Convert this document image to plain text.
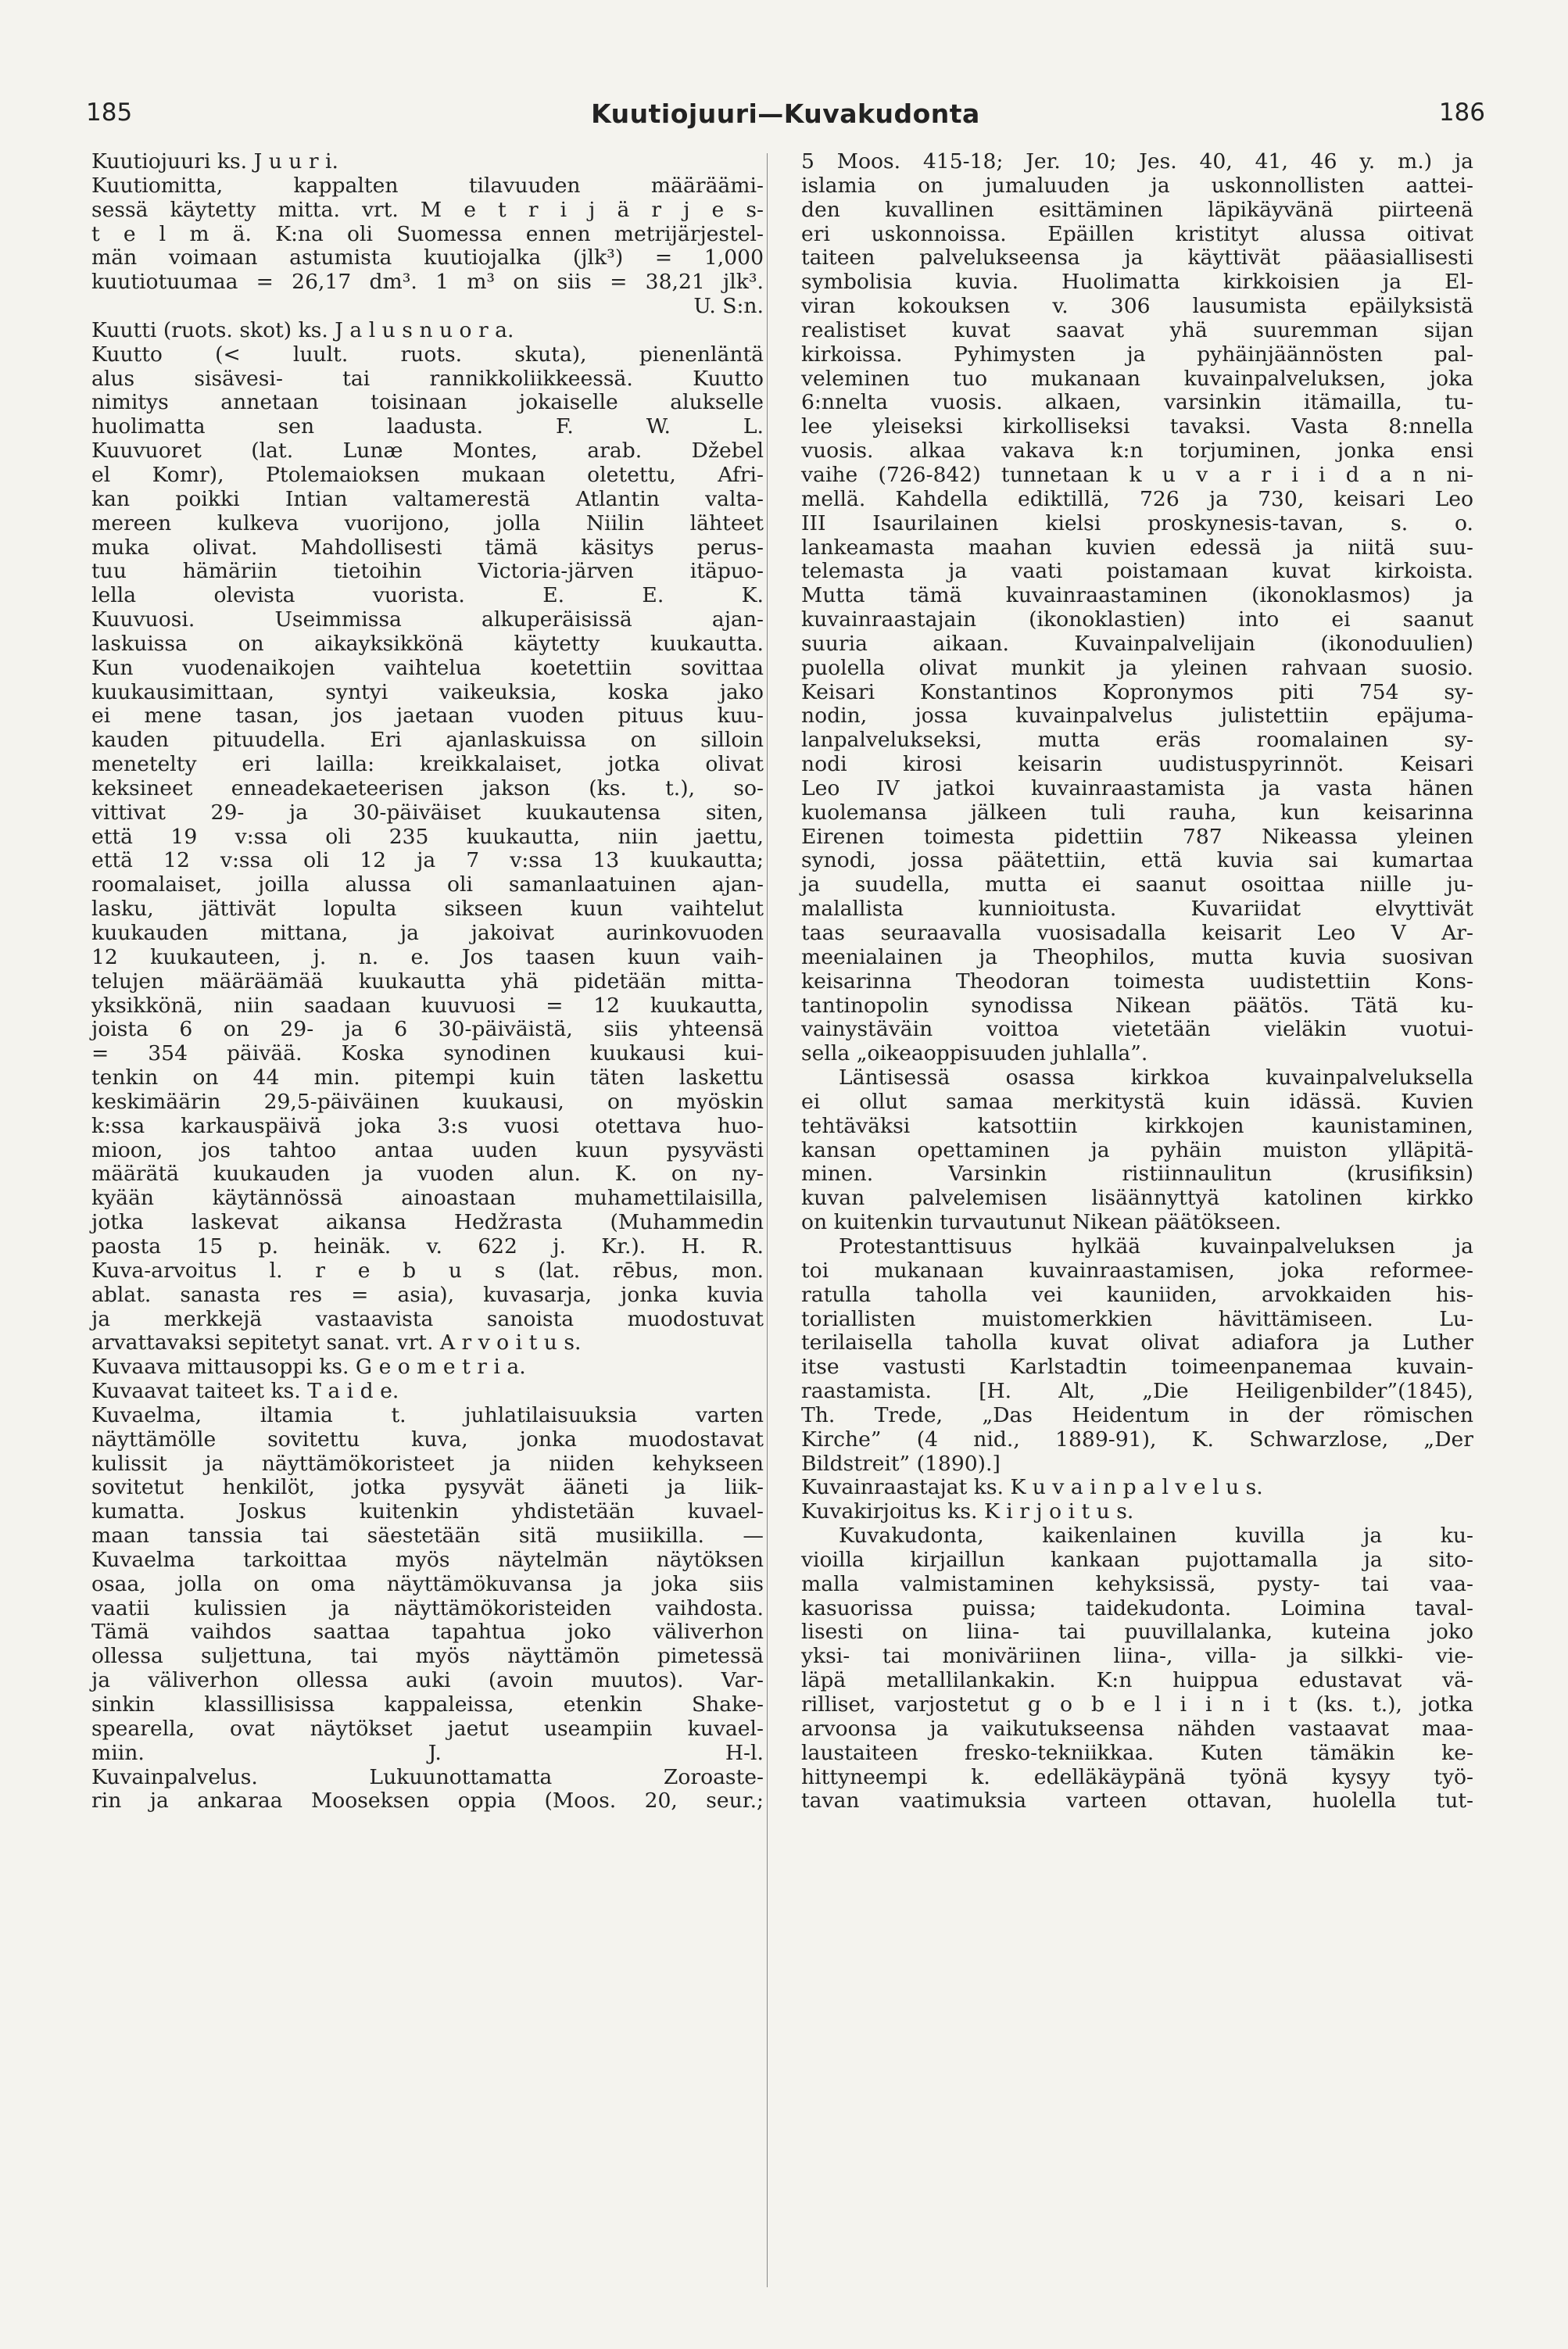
185	Kuutiojuuri—Kuvakudonta	186
Kuutiojuuri ks. J u u r i.
Kuutiomitta, kappalten tilavuuden määräämi-
sessä käytetty mitta. vrt. M e t r i j ä r j e s-
t e l m ä. K:na oli Suomessa ennen metrijärjestel-
män voimaan astumista kuutiojalka (jlk³) = 1,000
kuutiotuumaa = 26,17 dm³. 1 m³ on siis = 38,21 jlk³.
U. S:n.
Kuutti (ruots. skot) ks. J a l u s n u o r a.
Kuutto (< luult. ruots. skuta), pienenläntä
alus sisävesi- tai rannikkoliikkeessä. Kuutto
nimitys annetaan toisinaan jokaiselle alukselle
huolimatta sen laadusta. F. W. L.
Kuuvuoret (lat. Lunæ Montes, arab. Džebel
el Komr), Ptolemaioksen mukaan oletettu, Afri-
kan poikki Intian valtamerestä Atlantin valta-
mereen kulkeva vuorijono, jolla Niilin lähteet
muka olivat. Mahdollisesti tämä käsitys perus-
tuu hämäriin tietoihin Victoria-järven itäpuo-
lella olevista vuorista. E. E. K.
Kuuvuosi. Useimmissa alkuperäisissä ajan-
laskuissa on aikayksikkönä käytetty kuukautta.
Kun vuodenaikojen vaihtelua koetettiin sovittaa
kuukausimittaan, syntyi vaikeuksia, koska jako
ei mene tasan, jos jaetaan vuoden pituus kuu-
kauden pituudella. Eri ajanlaskuissa on silloin
menetelty eri lailla: kreikkalaiset, jotka olivat
keksineet enneadekaeteerisen jakson (ks. t.), so-
vittivat 29- ja 30-päiväiset kuukautensa siten,
että 19 v:ssa oli 235 kuukautta, niin jaettu,
että 12 v:ssa oli 12 ja 7 v:ssa 13 kuukautta;
roomalaiset, joilla alussa oli samanlaatuinen ajan-
lasku, jättivät lopulta sikseen kuun vaihtelut
kuukauden mittana, ja jakoivat aurinkovuoden
12 kuukauteen, j. n. e. Jos taasen kuun vaih-
telujen määräämää kuukautta yhä pidetään mitta-
yksikkönä, niin saadaan kuuvuosi = 12 kuukautta,
joista 6 on 29- ja 6 30-päiväistä, siis yhteensä
= 354 päivää. Koska synodinen kuukausi kui-
tenkin on 44 min. pitempi kuin täten laskettu
keskimäärin 29,5-päiväinen kuukausi, on myöskin
k:ssa karkauspäivä joka 3:s vuosi otettava huo-
mioon, jos tahtoo antaa uuden kuun pysyvästi
määrätä kuukauden ja vuoden alun. K. on ny-
kyään käytännössä ainoastaan muhamettilaisilla,
jotka laskevat aikansa Hedžrasta (Muhammedin
paosta 15 p. heinäk. v. 622 j. Kr.). H. R.
Kuva-arvoitus l. r e b u s (lat. rēbus, mon.
ablat. sanasta res = asia), kuvasarja, jonka kuvia
ja merkkejä vastaavista sanoista muodostuvat
arvattavaksi sepitetyt sanat. vrt. A r v o i t u s.
Kuvaava mittausoppi ks. G e o m e t r i a.
Kuvaavat taiteet ks. T a i d e.
Kuvaelma, iltamia t. juhlatilaisuuksia varten
näyttämölle sovitettu kuva, jonka muodostavat
kulissit ja näyttämökoristeet ja niiden kehykseen
sovitetut henkilöt, jotka pysyvät ääneti ja liik-
kumatta. Joskus kuitenkin yhdistetään kuvael-
maan tanssia tai säestetään sitä musiikilla. —
Kuvaelma tarkoittaa myös näytelmän näytöksen
osaa, jolla on oma näyttämökuvansa ja joka siis
vaatii kulissien ja näyttämökoristeiden vaihdosta.
Tämä vaihdos saattaa tapahtua joko väliverhon
ollessa suljettuna, tai myös näyttämön pimetessä
ja väliverhon ollessa auki (avoin muutos). Var-
sinkin klassillisissa kappaleissa, etenkin Shake-
spearella, ovat näytökset jaetut useampiin kuvael-
miin. J. H-l.
Kuvainpalvelus. Lukuunottamatta Zoroaste-
rin ja ankaraa Mooseksen oppia (Moos. 20, seur.;
5 Moos. 415-18; Jer. 10; Jes. 40, 41, 46 y. m.) ja
islamia on jumaluuden ja uskonnollisten aattei-
den kuvallinen esittäminen läpikäyvänä piirteenä
eri uskonnoissa. Epäillen kristityt alussa oitivat
taiteen palvelukseensa ja käyttivät pääasiallisesti
symbolisia kuvia. Huolimatta kirkkoisien ja El-
viran kokouksen v. 306 lausumista epäilyksistä
realistiset kuvat saavat yhä suuremman sijan
kirkoissa. Pyhimysten ja pyhäinjäännösten pal-
veleminen tuo mukanaan kuvainpalveluksen, joka
6:nnelta vuosis. alkaen, varsinkin itämailla, tu-
lee yleiseksi kirkolliseksi tavaksi. Vasta 8:nnella
vuosis. alkaa vakava k:n torjuminen, jonka ensi
vaihe (726-842) tunnetaan k u v a r i i d a n ni-
mellä. Kahdella ediktillä, 726 ja 730, keisari Leo
III Isaurilainen kielsi proskynesis-tavan, s. o.
lankeamasta maahan kuvien edessä ja niitä suu-
telemasta ja vaati poistamaan kuvat kirkoista.
Mutta tämä kuvainraastaminen (ikonoklasmos) ja
kuvainraastajain (ikonoklastien) into ei saanut
suuria aikaan. Kuvainpalvelijain (ikonoduulien)
puolella olivat munkit ja yleinen rahvaan suosio.
Keisari Konstantinos Kopronymos piti 754 sy-
nodin, jossa kuvainpalvelus julistettiin epäjuma-
lanpalvelukseksi, mutta eräs roomalainen sy-
nodi kirosi keisarin uudistuspyrinnöt. Keisari
Leo IV jatkoi kuvainraastamista ja vasta hänen
kuolemansa jälkeen tuli rauha, kun keisarinna
Eirenen toimesta pidettiin 787 Nikeassa yleinen
synodi, jossa päätettiin, että kuvia sai kumartaa
ja suudella, mutta ei saanut osoittaa niille ju-
malallista kunnioitusta. Kuvariidat elvyttivät
taas seuraavalla vuosisadalla keisarit Leo V Ar-
meenialainen ja Theophilos, mutta kuvia suosivan
keisarinna Theodoran toimesta uudistettiin Kons-
tantinopolin synodissa Nikean päätös. Tätä ku-
vainystäväin voittoa vietetään vieläkin vuotui-
sella „oikeaoppisuuden juhlalla”.
Läntisessä osassa kirkkoa kuvainpalveluksella
ei ollut samaa merkitystä kuin idässä. Kuvien
tehtäväksi katsottiin kirkkojen kaunistaminen,
kansan opettaminen ja pyhäin muiston ylläpitä-
minen. Varsinkin ristiinnaulitun (krusifiksin)
kuvan palvelemisen lisäännyttyä katolinen kirkko
on kuitenkin turvautunut Nikean päätökseen.
Protestanttisuus hylkää kuvainpalveluksen ja
toi mukanaan kuvainraastamisen, joka reformee-
ratulla taholla vei kauniiden, arvokkaiden his-
toriallisten muistomerkkien hävittämiseen. Lu-
terilaisella taholla kuvat olivat adiafora ja Luther
itse vastusti Karlstadtin toimeenpanemaa kuvain-
raastamista. [H. Alt, „Die Heiligenbilder”(1845),
Th. Trede, „Das Heidentum in der römischen
Kirche” (4 nid., 1889-91), K. Schwarzlose, „Der
Bildstreit” (1890).]
Kuvainraastajat ks. K u v a i n p a l v e l u s.
Kuvakirjoitus ks. K i r j o i t u s.
Kuvakudonta, kaikenlainen kuvilla ja ku-
vioilla kirjaillun kankaan pujottamalla ja sito-
malla valmistaminen kehyksissä, pysty- tai vaa-
kasuorissa puissa; taidekudonta. Loimina taval-
lisesti on liina- tai puuvillalanka, kuteina joko
yksi- tai moniväriinen liina-, villa- ja silkki- vie-
läpä metallilankakin. K:n huippua edustavat vä-
rilliset, varjostetut g o b e l i i n i t (ks. t.), jotka
arvoonsa ja vaikutukseensa nähden vastaavat maa-
laustaiteen fresko-tekniikkaa. Kuten tämäkin ke-
hittyneempi k. edelläkäypänä työnä kysyy työ-
tavan vaatimuksia varteen ottavan, huolella tut-
